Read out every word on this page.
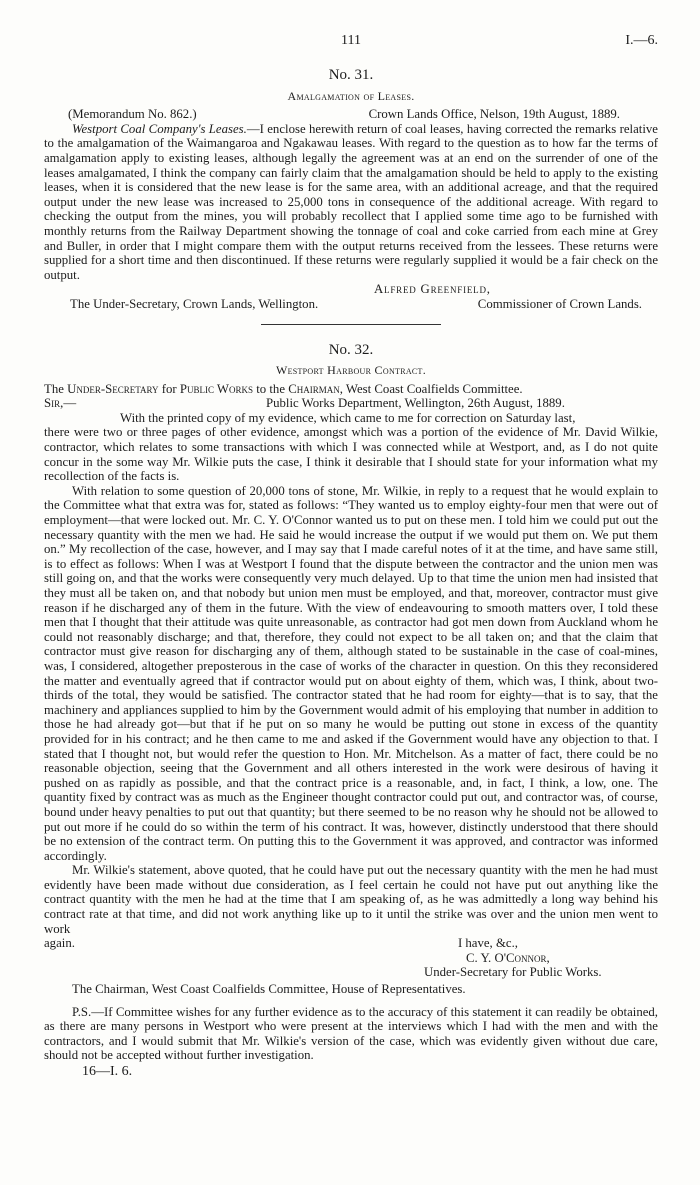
111	I.—6.
No. 31.
Amalgamation of Leases.
(Memorandum No. 862.)	Crown Lands Office, Nelson, 19th August, 1889.

Westport Coal Company's Leases.—I enclose herewith return of coal leases, having corrected the remarks relative to the amalgamation of the Waimangaroa and Ngakawau leases. With regard to the question as to how far the terms of amalgamation apply to existing leases, although legally the agreement was at an end on the surrender of one of the leases amalgamated, I think the company can fairly claim that the amalgamation should be held to apply to the existing leases, when it is considered that the new lease is for the same area, with an additional acreage, and that the required output under the new lease was increased to 25,000 tons in consequence of the additional acreage. With regard to checking the output from the mines, you will probably recollect that I applied some time ago to be furnished with monthly returns from the Railway Department showing the tonnage of coal and coke carried from each mine at Grey and Buller, in order that I might compare them with the output returns received from the lessees. These returns were supplied for a short time and then discontinued. If these returns were regularly supplied it would be a fair check on the output.

Alfred Greenfield,
The Under-Secretary, Crown Lands, Wellington.	Commissioner of Crown Lands.
No. 32.
Westport Harbour Contract.
The Under-Secretary for Public Works to the Chairman, West Coast Coalfields Committee.
Sir,—	Public Works Department, Wellington, 26th August, 1889.

With the printed copy of my evidence, which came to me for correction on Saturday last,

there were two or three pages of other evidence, amongst which was a portion of the evidence of Mr. David Wilkie, contractor, which relates to some transactions with which I was connected while at Westport, and, as I do not quite concur in the some way Mr. Wilkie puts the case, I think it desirable that I should state for your information what my recollection of the facts is.

With relation to some question of 20,000 tons of stone, Mr. Wilkie, in reply to a request that he would explain to the Committee what that extra was for, stated as follows: “They wanted us to employ eighty-four men that were out of employment—that were locked out. Mr. C. Y. O'Connor wanted us to put on these men. I told him we could put out the necessary quantity with the men we had. He said he would increase the output if we would put them on. We put them on.” My recollection of the case, however, and I may say that I made careful notes of it at the time, and have same still, is to effect as follows: When I was at Westport I found that the dispute between the contractor and the union men was still going on, and that the works were consequently very much delayed. Up to that time the union men had insisted that they must all be taken on, and that nobody but union men must be employed, and that, moreover, contractor must give reason if he discharged any of them in the future. With the view of endeavouring to smooth matters over, I told these men that I thought that their attitude was quite unreasonable, as contractor had got men down from Auckland whom he could not reasonably discharge; and that, therefore, they could not expect to be all taken on; and that the claim that contractor must give reason for discharging any of them, although stated to be sustainable in the case of coal-mines, was, I considered, altogether preposterous in the case of works of the character in question. On this they reconsidered the matter and eventually agreed that if contractor would put on about eighty of them, which was, I think, about two-thirds of the total, they would be satisfied. The contractor stated that he had room for eighty—that is to say, that the machinery and appliances supplied to him by the Government would admit of his employing that number in addition to those he had already got—but that if he put on so many he would be putting out stone in excess of the quantity provided for in his contract; and he then came to me and asked if the Government would have any objection to that. I stated that I thought not, but would refer the question to Hon. Mr. Mitchelson. As a matter of fact, there could be no reasonable objection, seeing that the Government and all others interested in the work were desirous of having it pushed on as rapidly as possible, and that the contract price is a reasonable, and, in fact, I think, a low, one. The quantity fixed by contract was as much as the Engineer thought contractor could put out, and contractor was, of course, bound under heavy penalties to put out that quantity; but there seemed to be no reason why he should not be allowed to put out more if he could do so within the term of his contract. It was, however, distinctly understood that there should be no extension of the contract term. On putting this to the Government it was approved, and contractor was informed accordingly.

Mr. Wilkie's statement, above quoted, that he could have put out the necessary quantity with the men he had must evidently have been made without due consideration, as I feel certain he could not have put out anything like the contract quantity with the men he had at the time that I am speaking of, as he was admittedly a long way behind his contract rate at that time, and did not work anything like up to it until the strike was over and the union men went to work

again.	I have, &c.,
C. Y. O'Connor,
Under-Secretary for Public Works.
The Chairman, West Coast Coalfields Committee, House of Representatives.

P.S.—If Committee wishes for any further evidence as to the accuracy of this statement it can readily be obtained, as there are many persons in Westport who were present at the interviews which I had with the men and with the contractors, and I would submit that Mr. Wilkie's version of the case, which was evidently given without due care, should not be accepted without further investigation.

16—I. 6.
